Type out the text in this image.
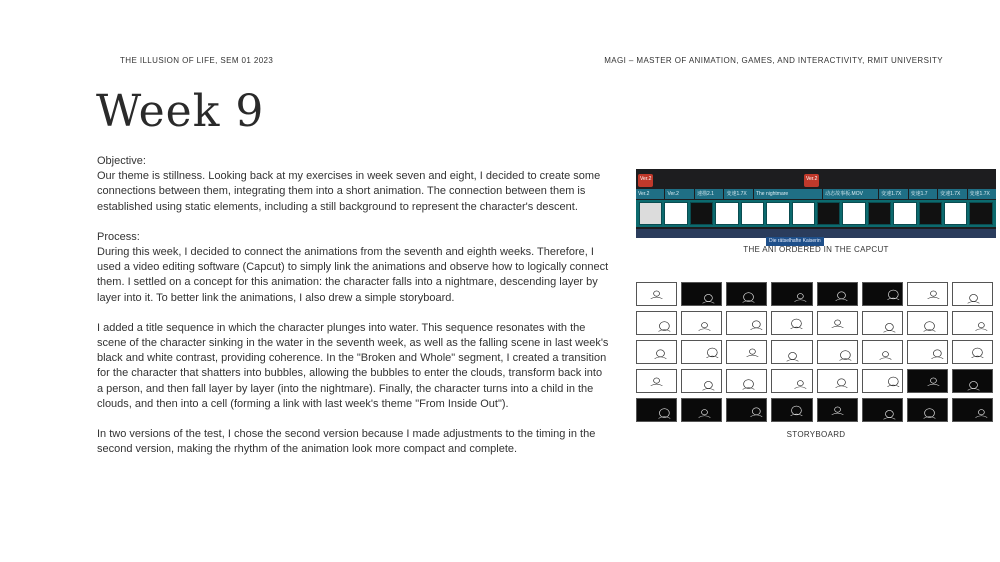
THE ILLUSION OF LIFE, SEM 01 2023	MAGI – MASTER OF ANIMATION, GAMES, AND INTERACTIVITY, RMIT UNIVERSITY
Week 9

Objective:

Our theme is stillness. Looking back at my exercises in week seven and eight, I decided to create some connections between them, integrating them into a short animation. The connection between them is established using static elements, including a still background to represent the character's descent.

Process:

During this week, I decided to connect the animations from the seventh and eighth weeks. Therefore, I used a video editing software (Capcut) to simply link the animations and observe how to logically connect them. I settled on a concept for this animation: the character falls into a nightmare, descending layer by layer into it. To better link the animations, I also drew a simple storyboard.

I added a title sequence in which the character plunges into water. This sequence resonates with the scene of the character sinking in the water in the seventh week, as well as the falling scene in last week's black and white contrast, providing coherence. In the "Broken and Whole" segment, I created a transition for the character that shatters into bubbles, allowing the bubbles to enter the clouds, transform back into a person, and then fall layer by layer (into the nightmare). Finally, the character turns into a child in the clouds, and then into a cell (forming a link with last week's theme "From Inside Out").

In two versions of the test, I chose the second version because I made adjustments to the timing in the second version, making the rhythm of the animation look more compact and complete.

Ver.2	Ver.2
Ver.2	Ver.2	速描2.1	变速1.7X	The nightmare	动态故事板.MOV	变速1.7X	变速1.7	变速1.7X	变速1.7X
Die rätselhafte Kaiserin
THE ANI ORDERED IN THE CAPCUT
STORYBOARD
